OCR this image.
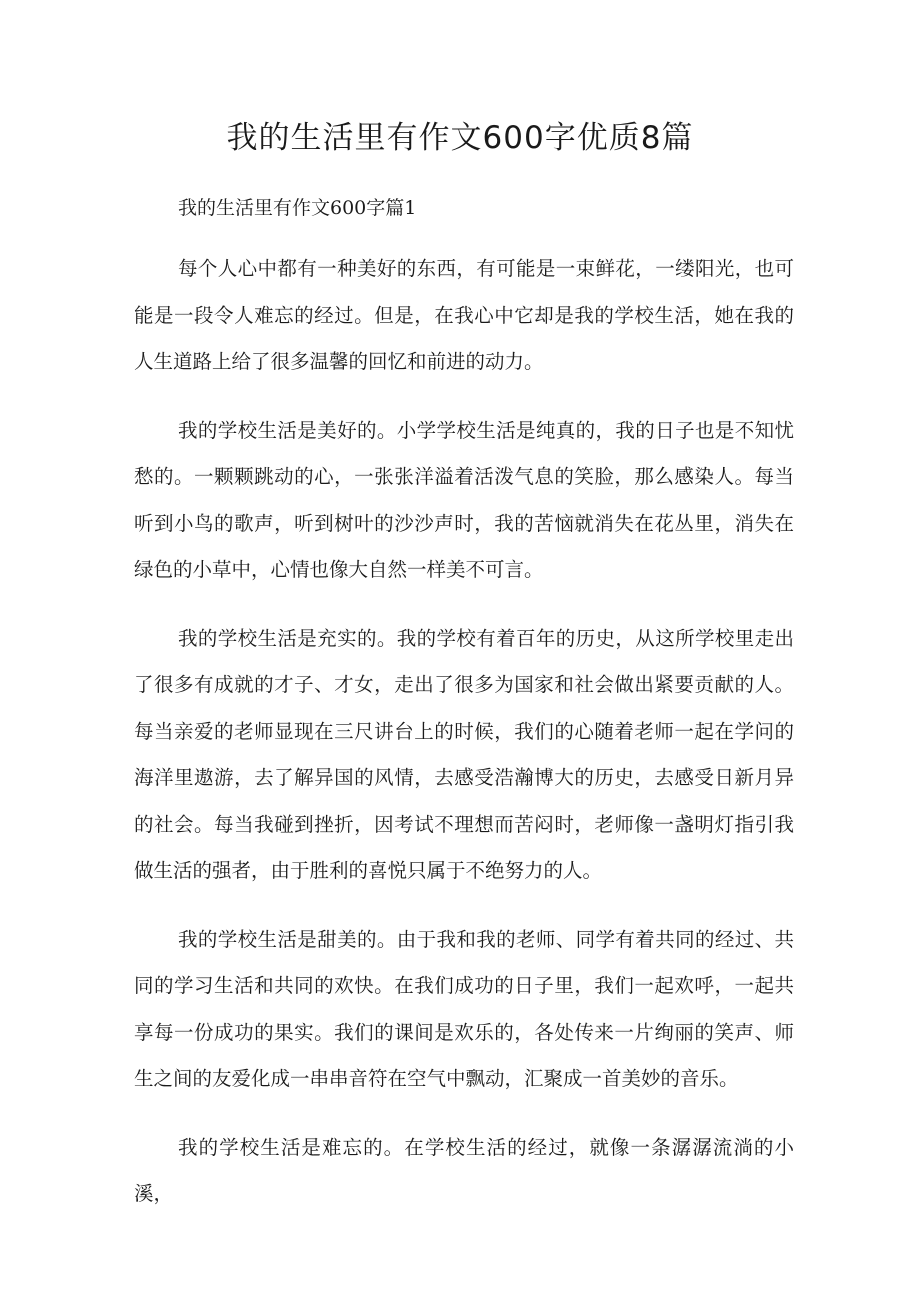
我的生活里有作文600字优质8篇

我的生活里有作文600字篇1

每个人心中都有一种美好的东西，有可能是一束鲜花，一缕阳光，也可能是一段令人难忘的经过。但是，在我心中它却是我的学校生活，她在我的人生道路上给了很多温馨的回忆和前进的动力。

我的学校生活是美好的。小学学校生活是纯真的，我的日子也是不知忧愁的。一颗颗跳动的心，一张张洋溢着活泼气息的笑脸，那么感染人。每当听到小鸟的歌声，听到树叶的沙沙声时，我的苦恼就消失在花丛里，消失在绿色的小草中，心情也像大自然一样美不可言。

我的学校生活是充实的。我的学校有着百年的历史，从这所学校里走出了很多有成就的才子、才女，走出了很多为国家和社会做出紧要贡献的人。每当亲爱的老师显现在三尺讲台上的时候，我们的心随着老师一起在学问的海洋里遨游，去了解异国的风情，去感受浩瀚博大的历史，去感受日新月异的社会。每当我碰到挫折，因考试不理想而苦闷时，老师像一盏明灯指引我做生活的强者，由于胜利的喜悦只属于不绝努力的人。

我的学校生活是甜美的。由于我和我的老师、同学有着共同的经过、共同的学习生活和共同的欢快。在我们成功的日子里，我们一起欢呼，一起共享每一份成功的果实。我们的课间是欢乐的，各处传来一片绚丽的笑声、师生之间的友爱化成一串串音符在空气中飘动，汇聚成一首美妙的音乐。

我的学校生活是难忘的。在学校生活的经过，就像一条潺潺流淌的小溪，
